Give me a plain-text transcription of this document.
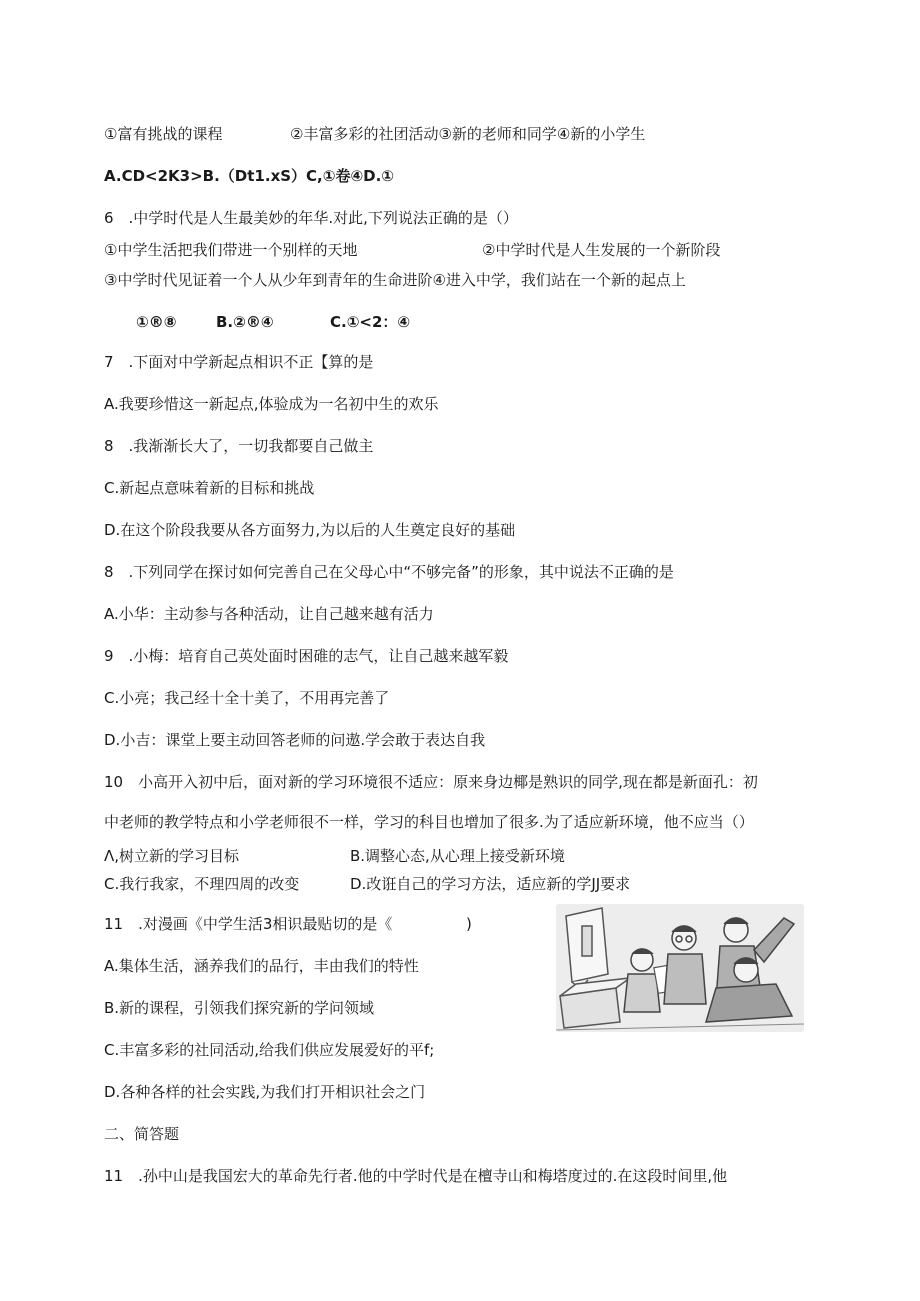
①富有挑战的课程	②丰富多彩的社团活动③新的老师和同学④新的小学生
A.CD<2K3>B.（Dt1.xS）C,①卷④D.①
6　.中学时代是人生最美妙的年华.对此,下列说法正确的是（）
①中学生活把我们带进一个别样的天地	②中学时代是人生发展的一个新阶段
③中学时代见证着一个人从少年到青年的生命进阶④进入中学，我们站在一个新的起点上
①®⑧	B.②®④	C.①<2：④
7　.下面对中学新起点相识不正【算的是
A.我要珍惜这一新起点,体验成为一名初中生的欢乐
8　.我渐渐长大了，一切我都要自己做主
C.新起点意味着新的目标和挑战
D.在这个阶段我要从各方面努力,为以后的人生奠定良好的基础
8　.下列同学在探讨如何完善自己在父母心中“不够完备”的形象，其中说法不正确的是
A.小华：主动参与各种活动，让自己越来越有活力
9　.小梅：培育自己英处面时困碓的志气，让自己越来越军毅
C.小亮；我己经十全十美了，不用再完善了
D.小吉：课堂上要主动回答老师的问遨.学会敢于表达自我
10　小高开入初中后，面对新的学习环境很不适应：原来身边椰是熟识的同学,现在都是新面孔：初
中老师的教学特点和小学老师很不一样，学习的科目也增加了很多.为了适应新环境，他不应当（）
Λ,树立新的学习目标	B.调整心态,从心理上接受新环境
C.我行我家，不理四周的改变	D.改诳自己的学习方法，适应新的学JJ要求
11　.对漫画《中学生活3相识最贴切的是《	)
A.集体生活，涵养我们的品行，丰由我们的特性
B.新的课程，引领我们探究新的学问领域
C.丰富多彩的社同活动,给我们供应发展爱好的平f;
D.各种各样的社会实践,为我们打开相识社会之门
二、简答题
11　.孙中山是我国宏大的革命先行者.他的中学时代是在檀寺山和梅塔度过的.在这段时间里,他
